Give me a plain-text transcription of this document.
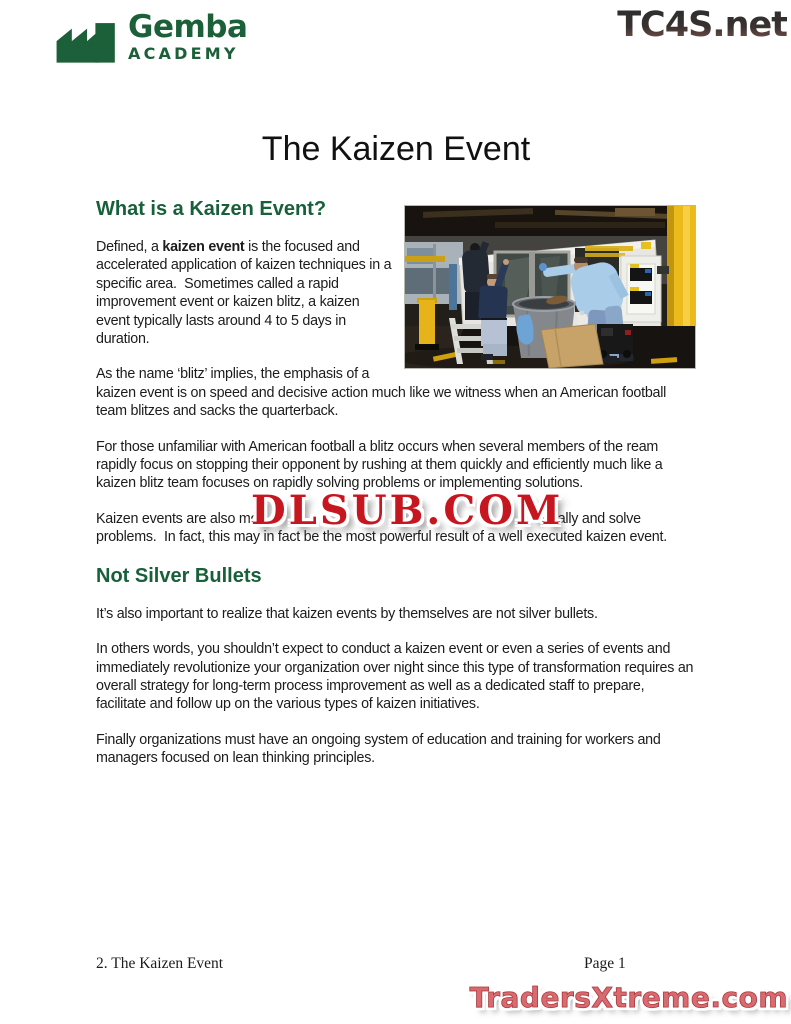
Gemba
ACADEMY
TC4S.net
The Kaizen Event
What is a Kaizen Event?

Defined, a kaizen event is the focused and accelerated application of kaizen techniques in a specific area.  Sometimes called a rapid improvement event or kaizen blitz, a kaizen event typically lasts around 4 to 5 days in duration.

As the name ‘blitz’ implies, the emphasis of a kaizen event is on speed and decisive action much like we witness when an American football team blitzes and sacks the quarterback.

For those unfamiliar with American football a blitz occurs when several members of the ream rapidly focus on stopping their opponent by rushing at them quickly and efficiently much like a kaizen blitz team focuses on rapidly solving problems or implementing solutions.

Kaizen events are also mo	itically and solve
problems.  In fact, this may in fact be the most powerful result of a well executed kaizen event.

Not Silver Bullets

It’s also important to realize that kaizen events by themselves are not silver bullets.

In others words, you shouldn’t expect to conduct a kaizen event or even a series of events and immediately revolutionize your organization over night since this type of transformation requires an overall strategy for long-term process improvement as well as a dedicated staff to prepare, facilitate and follow up on the various types of kaizen initiatives.

Finally organizations must have an ongoing system of education and training for workers and managers focused on lean thinking principles.

DLSUB.COM
2. The Kaizen Event	Page 1
TradersXtreme.com
